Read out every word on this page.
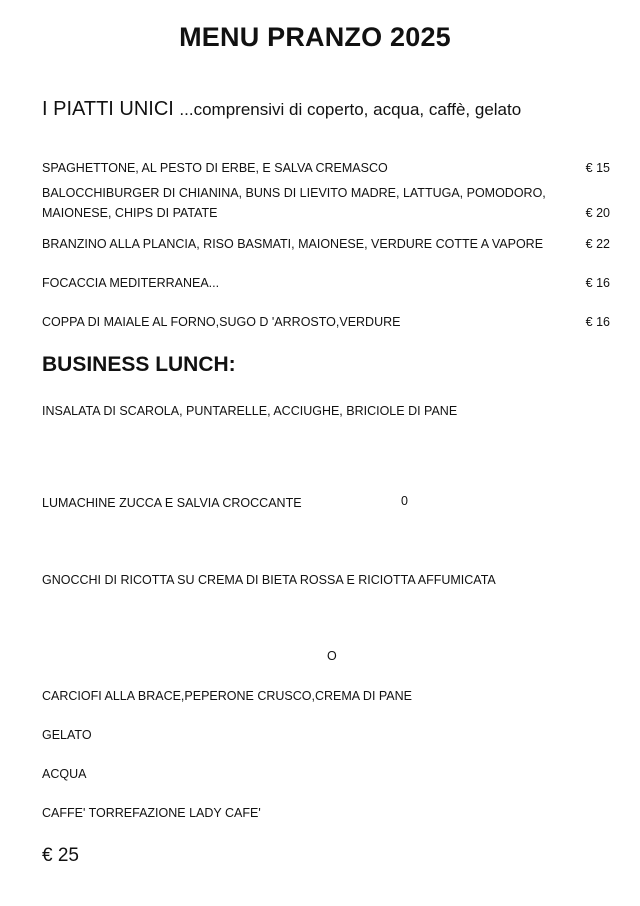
MENU PRANZO 2025
I PIATTI UNICI ...comprensivi di coperto, acqua, caffè, gelato
SPAGHETTONE, AL PESTO DI ERBE, E SALVA CREMASCO	€ 15
BALOCCHIBURGER DI CHIANINA, BUNS DI LIEVITO MADRE, LATTUGA, POMODORO, MAIONESE, CHIPS DI PATATE	€ 20
BRANZINO ALLA PLANCIA, RISO BASMATI, MAIONESE, VERDURE COTTE A VAPORE	€ 22
FOCACCIA MEDITERRANEA...	€ 16
COPPA DI MAIALE AL FORNO,SUGO D 'ARROSTO,VERDURE	€ 16
BUSINESS LUNCH:
INSALATA DI SCAROLA, PUNTARELLE, ACCIUGHE, BRICIOLE DI PANE
LUMACHINE ZUCCA E SALVIA CROCCANTE	0
GNOCCHI DI RICOTTA SU CREMA DI BIETA ROSSA E RICIOTTA AFFUMICATA
O
CARCIOFI ALLA BRACE,PEPERONE CRUSCO,CREMA DI PANE
GELATO
ACQUA
CAFFE' TORREFAZIONE LADY CAFE'
€ 25
